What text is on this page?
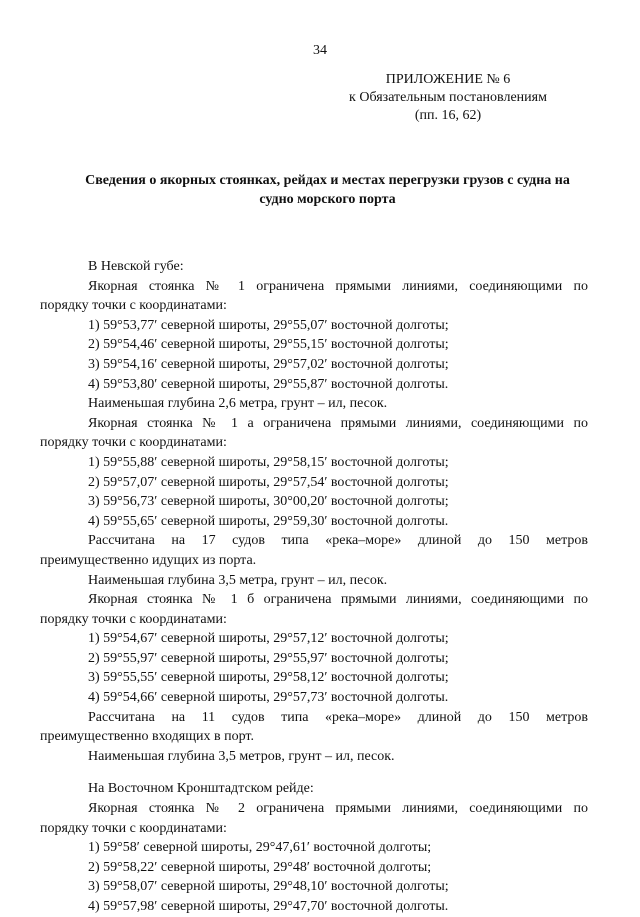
34
ПРИЛОЖЕНИЕ № 6
к Обязательным постановлениям
(пп. 16, 62)
Сведения о якорных стоянках, рейдах и местах перегрузки грузов с судна на
судно морского порта
В Невской губе:
Якорная стоянка № 1 ограничена прямыми линиями, соединяющими по
порядку точки с координатами:
1) 59°53,77′ северной широты, 29°55,07′ восточной долготы;
2) 59°54,46′ северной широты, 29°55,15′ восточной долготы;
3) 59°54,16′ северной широты, 29°57,02′ восточной долготы;
4) 59°53,80′ северной широты, 29°55,87′ восточной долготы.
Наименьшая глубина 2,6 метра, грунт – ил, песок.
Якорная стоянка № 1 а ограничена прямыми линиями, соединяющими по
порядку точки с координатами:
1) 59°55,88′ северной широты, 29°58,15′ восточной долготы;
2) 59°57,07′ северной широты, 29°57,54′ восточной долготы;
3) 59°56,73′ северной широты, 30°00,20′ восточной долготы;
4) 59°55,65′ северной широты, 29°59,30′ восточной долготы.
Рассчитана на 17 судов типа «река–море» длиной до 150 метров
преимущественно идущих из порта.
Наименьшая глубина 3,5 метра, грунт – ил, песок.
Якорная стоянка № 1 б ограничена прямыми линиями, соединяющими по
порядку точки с координатами:
1) 59°54,67′ северной широты, 29°57,12′ восточной долготы;
2) 59°55,97′ северной широты, 29°55,97′ восточной долготы;
3) 59°55,55′ северной широты, 29°58,12′ восточной долготы;
4) 59°54,66′ северной широты, 29°57,73′ восточной долготы.
Рассчитана на 11 судов типа «река–море» длиной до 150 метров
преимущественно входящих в порт.
Наименьшая глубина 3,5 метров, грунт – ил, песок.
На Восточном Кронштадтском рейде:
Якорная стоянка № 2 ограничена прямыми линиями, соединяющими по
порядку точки с координатами:
1) 59°58′ северной широты, 29°47,61′ восточной долготы;
2) 59°58,22′ северной широты, 29°48′ восточной долготы;
3) 59°58,07′ северной широты, 29°48,10′ восточной долготы;
4) 59°57,98′ северной широты, 29°47,70′ восточной долготы.
